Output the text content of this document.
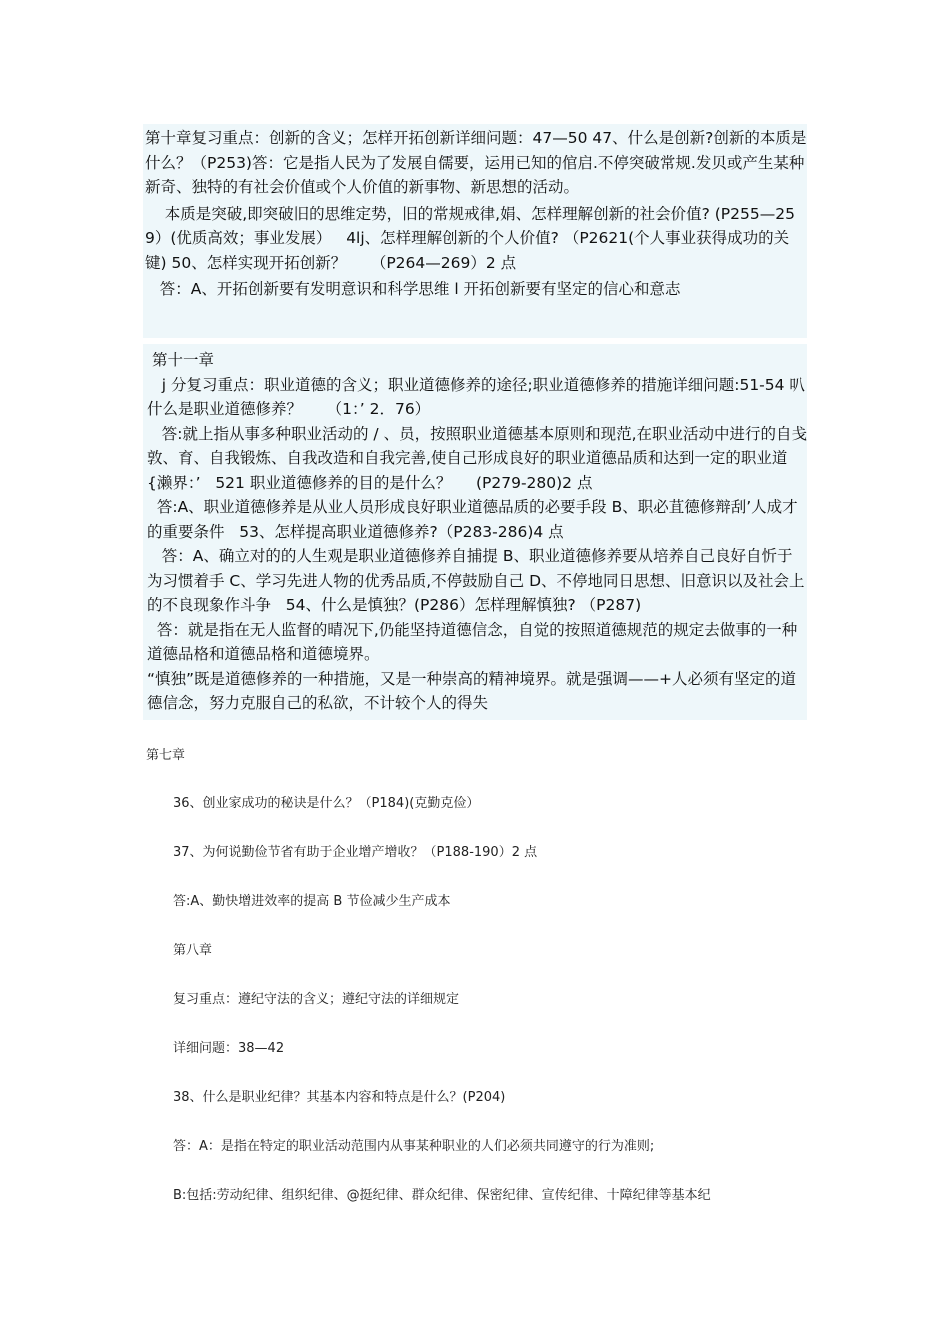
第十章复习重点：创新的含义；怎样开拓创新详细问题：47—50 47、什么是创新?创新的本质是什么？（P253)答：它是指人民为了发展自儒要，运用已知的倌启.不停突破常规.发贝或产生某种新奇、独特的有社会价值或个人价值的新事物、新思想的活动。

本质是突破,即突破旧的思维定势，旧的常规戒律,娟、怎样理解创新的社会价值? (P255—259）(优质高效；事业发展）   4lj、怎样理解创新的个人价值? （P2621(个人事业获得成功的关键) 50、怎样实现开拓创新？     （P264—269）2 点

答：A、开拓创新要有发明意识和科学思维 l 开拓创新要有坚定的信心和意志

第十一章

j 分复习重点：职业道德的含义；职业道德修养的途径;职业道德修养的措施详细问题:51-54 叭什么是职业道德修养？     （1：’ 2．76）

答:就上指从事多种职业活动的 / 、员，按照职业道德基本原则和现范,在职业活动中进行的自戋敦、育、自我锻炼、自我改造和自我完善,使自己形成良好的职业道德品质和达到一定的职业道{濑界：’   521 职业道德修养的目的是什么？     (P279-280)2 点

答:A、职业道德修养是从业人员形成良好职业道德品质的必要手段 B、职必苴德修辩刮’人成才的重要条件   53、怎样提高职业道德修养?（P283-286)4 点

答：A、确立对的的人生观是职业道德修养自捕提 B、职业道德修养要从培养自己良好自忻于为习惯着手 C、学习先进人物的优秀品质,不停鼓励自己 D、不停地同日思想、旧意识以及社会上的不良现象作斗争   54、什么是慎独？(P286）怎样理解慎独? （P287)

答：就是指在无人监督的晴况下,仍能坚持道德信念，自觉的按照道德规范的规定去做事的一种道德品格和道德品格和道德境界。

“慎独”既是道德修养的一种措施，又是一种崇高的精神境界。就是强调——+人必须有坚定的道德信念，努力克服自己的私欲，不计较个人的得失

第七章
36、创业家成功的秘诀是什么？（P184)(克勤克俭）
37、为何说勤俭节省有助于企业增产增收？（P188-190）2 点
答:A、勤快增进效率的提高 B 节俭减少生产成本
第八章
复习重点：遵纪守法的含义；遵纪守法的详细规定
详细问题：38—42
38、什么是职业纪律？其基本内容和特点是什么？(P204)
答：A：是指在特定的职业活动范围内从事某种职业的人们必须共同遵守的行为准则;
B:包括:劳动纪律、组织纪律、@挺纪律、群众纪律、保密纪律、宣传纪律、十障纪律等基本纪
